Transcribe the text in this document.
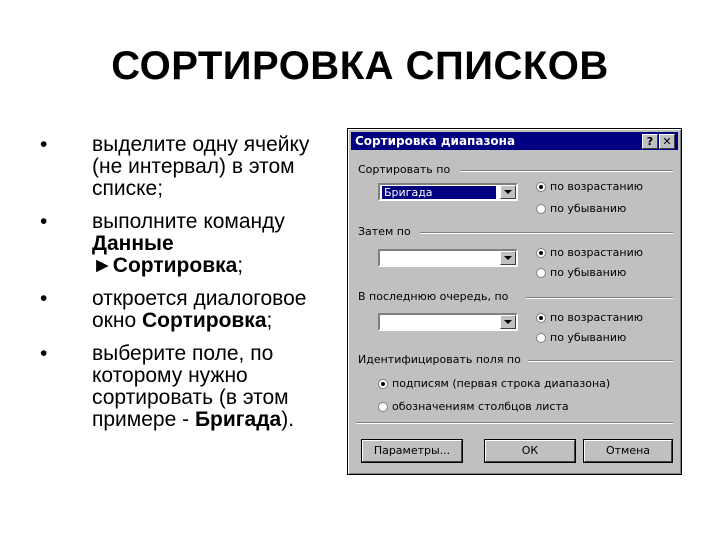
СОРТИРОВКА СПИСКОВ
• выделите одну ячейку (не интервал) в этом списке;
• выполните команду Данные
►Сортировка;
• откроется диалоговое окно Сортировка;
• выберите поле, по которому нужно сортировать (в этом примере - Бригада).
Сортировка диапазона	? ✕
Сортировать по
Бригада	по возрастанию
по убыванию
Затем по
по возрастанию
по убыванию
В последнюю очередь, по
по возрастанию
по убыванию
Идентифицировать поля по
подписям (первая строка диапазона)
обозначениям столбцов листа
Параметры...	ОК	Отмена
